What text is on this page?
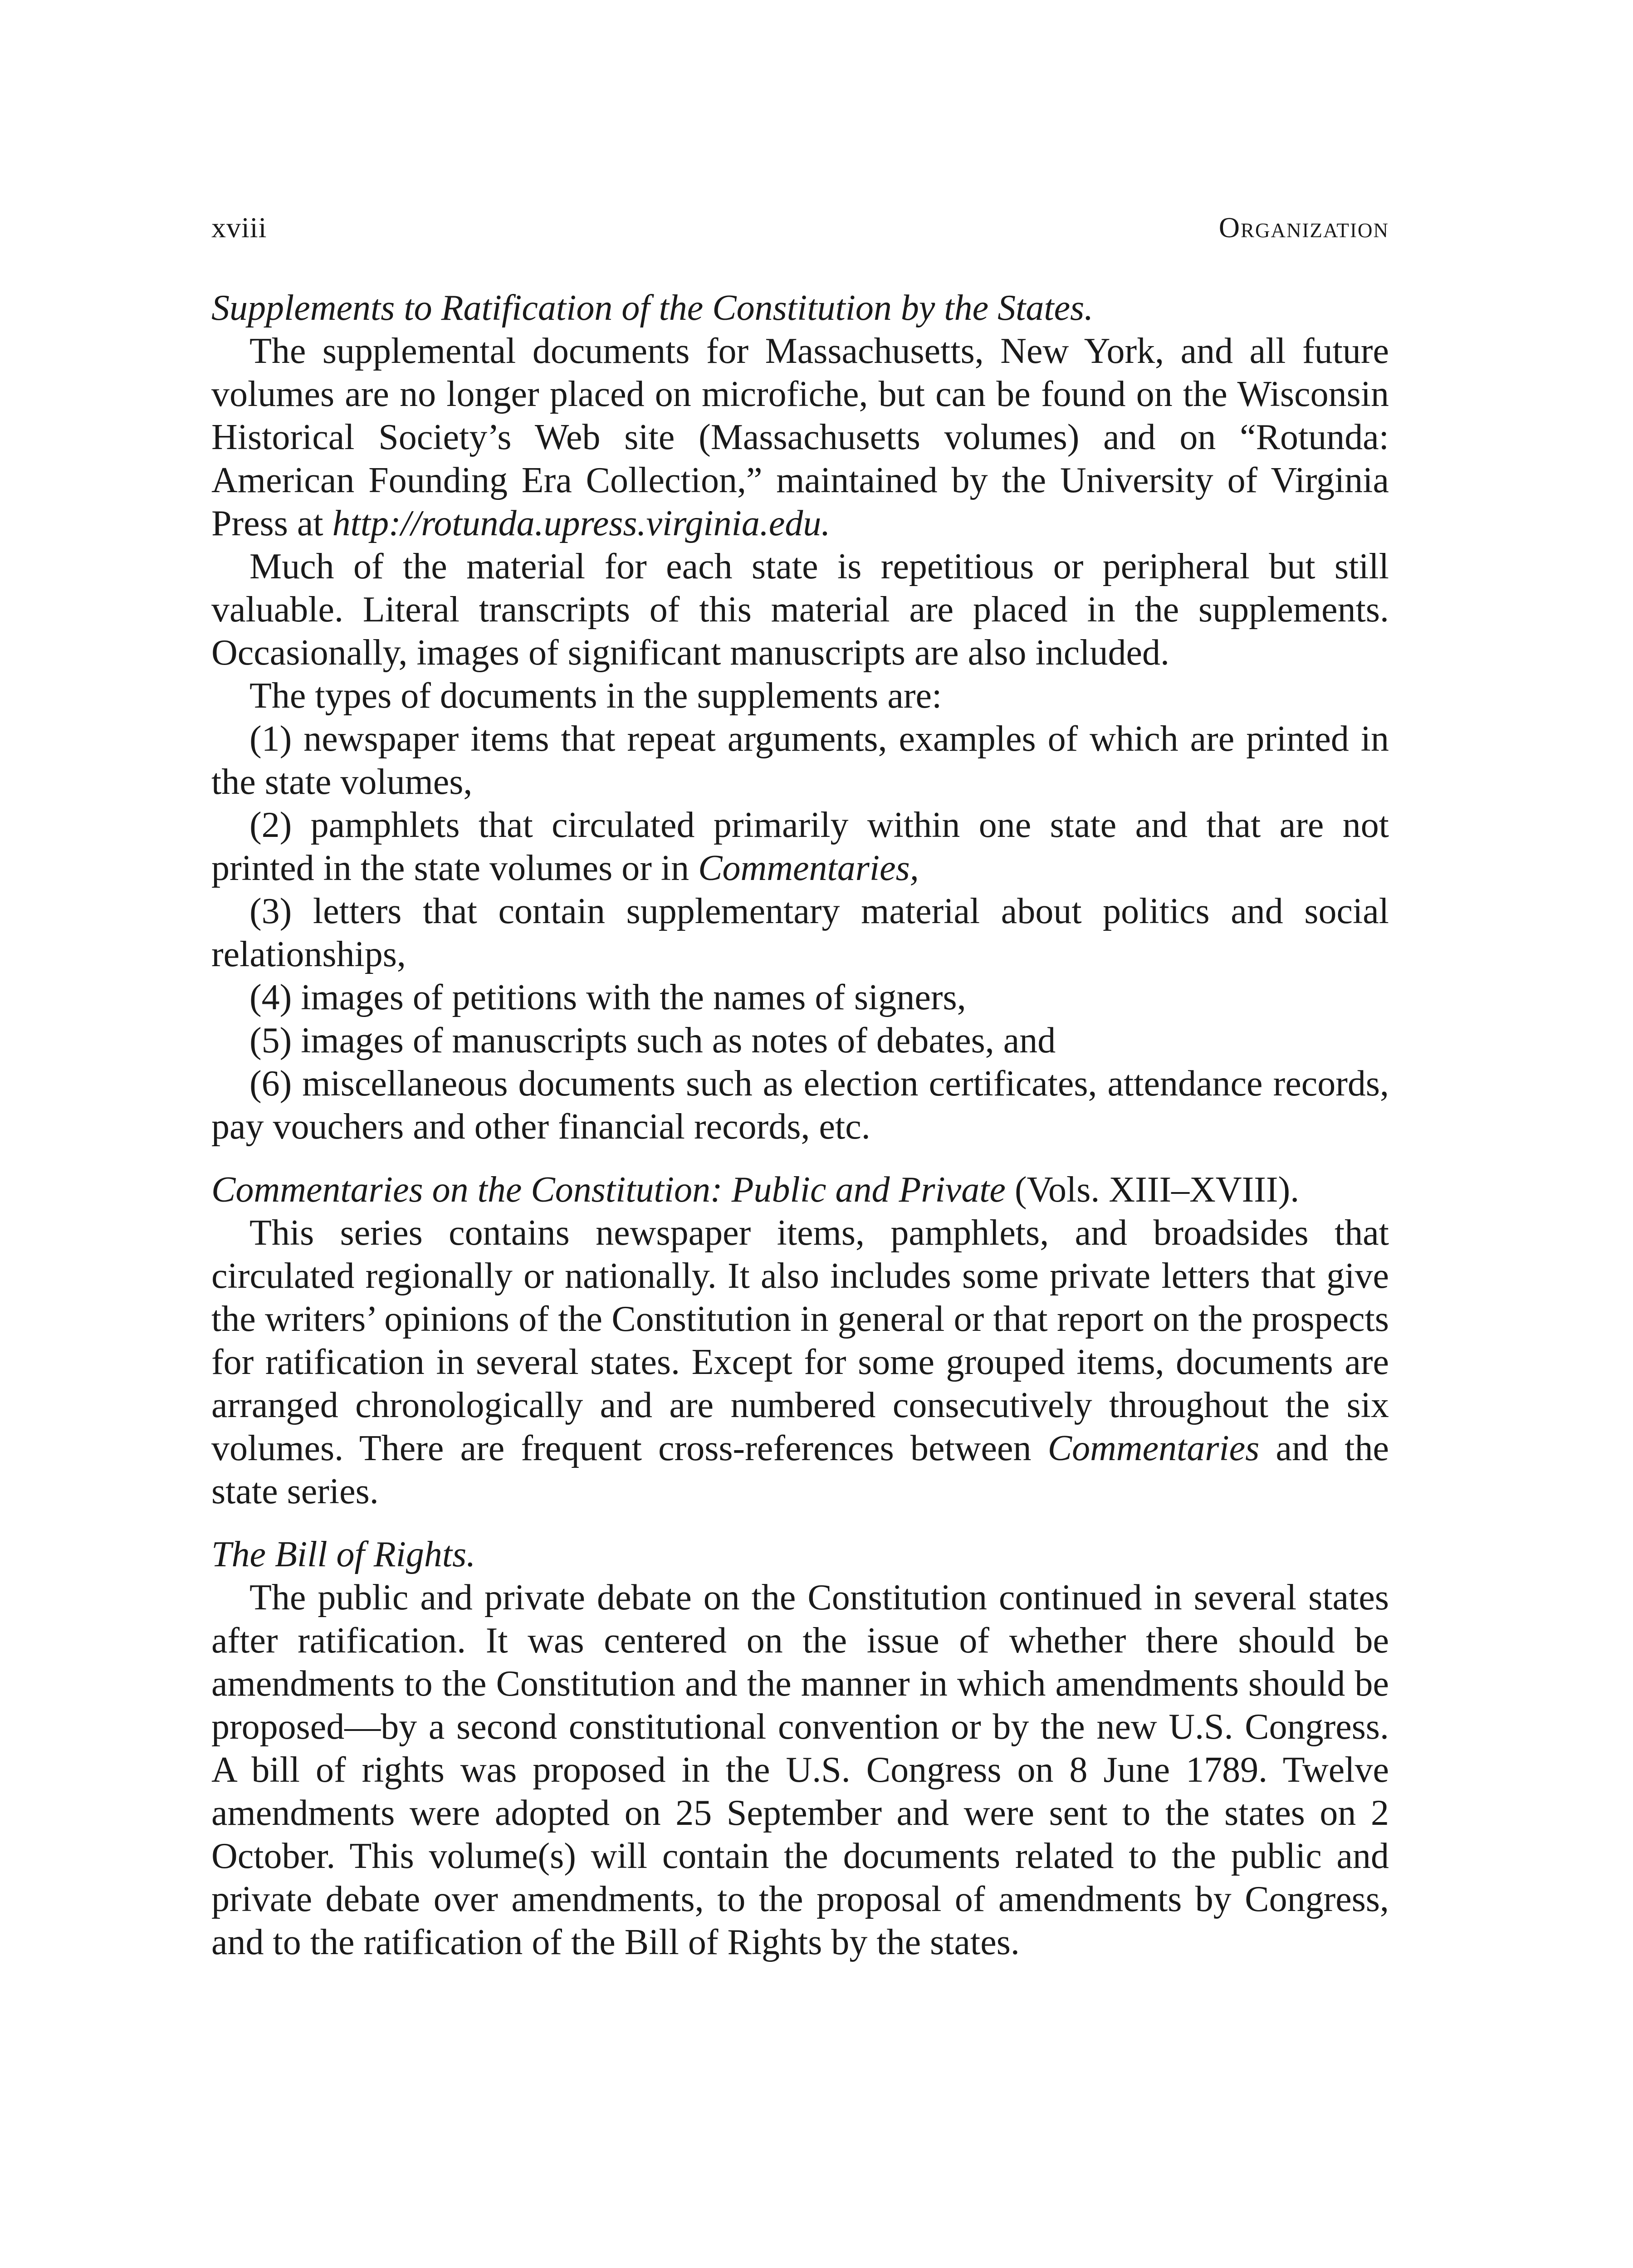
xviii	Organization
Supplements to Ratification of the Constitution by the States.

The supplemental documents for Massachusetts, New York, and all future volumes are no longer placed on microfiche, but can be found on the Wisconsin Historical Society’s Web site (Massachusetts volumes) and on “Rotunda: American Founding Era Collection,” maintained by the University of Virginia Press at http://rotunda.upress.virginia.edu.

Much of the material for each state is repetitious or peripheral but still valuable. Literal transcripts of this material are placed in the supplements. Occasionally, images of significant manuscripts are also included.

The types of documents in the supplements are:

(1) newspaper items that repeat arguments, examples of which are printed in the state volumes,

(2) pamphlets that circulated primarily within one state and that are not printed in the state volumes or in Commentaries,

(3) letters that contain supplementary material about politics and social relationships,

(4) images of petitions with the names of signers,

(5) images of manuscripts such as notes of debates, and

(6) miscellaneous documents such as election certificates, attendance records, pay vouchers and other financial records, etc.

Commentaries on the Constitution: Public and Private (Vols. XIII–XVIII).

This series contains newspaper items, pamphlets, and broadsides that circulated regionally or nationally. It also includes some private letters that give the writers’ opinions of the Constitution in general or that report on the prospects for ratification in several states. Except for some grouped items, documents are arranged chronologically and are numbered consecutively throughout the six volumes. There are frequent cross-references between Commentaries and the state series.

The Bill of Rights.

The public and private debate on the Constitution continued in several states after ratification. It was centered on the issue of whether there should be amendments to the Constitution and the manner in which amendments should be proposed—by a second constitutional convention or by the new U.S. Congress. A bill of rights was proposed in the U.S. Congress on 8 June 1789. Twelve amendments were adopted on 25 September and were sent to the states on 2 October. This volume(s) will contain the documents related to the public and private debate over amendments, to the proposal of amendments by Congress, and to the ratification of the Bill of Rights by the states.
